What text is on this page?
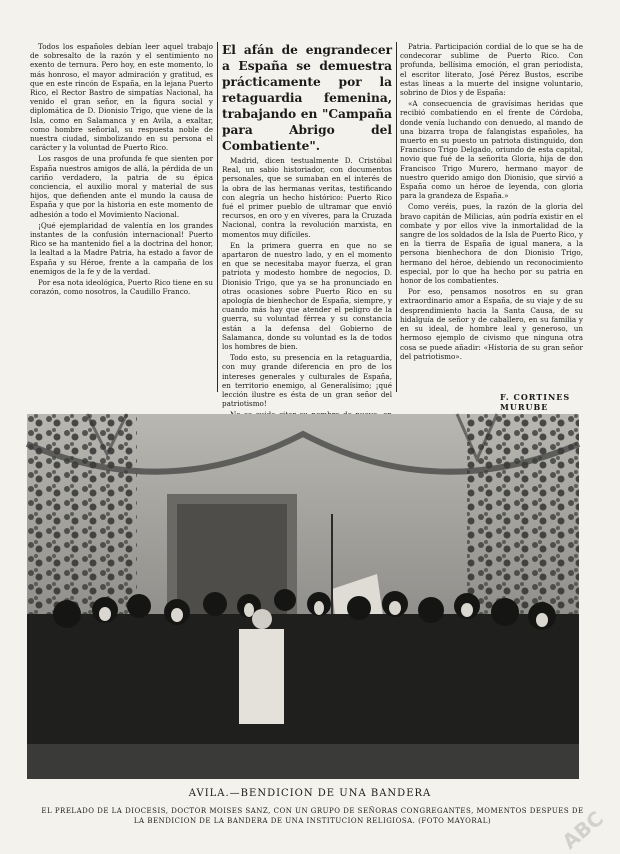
Todos los españoles debían leer aquel trabajo de sobresalto de la razón y el sentimiento no exento de ternura. Pero hoy, en este momento, lo más honroso, el mayor admiración y gratitud, es que en este rincón de España, en la lejana Puerto Rico, el Rector Bastro de simpatías Nacional, ha venido el gran señor, en la figura social y diplomática de D. Dionisio Trigo, que viene de la Isla, como en Salamanca y en Avila, a exaltar, como hombre señorial, su respuesta noble de nuestra ciudad, simbolizando en su persona el carácter y la voluntad de Puerto Rico.

Los rasgos de una profunda fe que sienten por España nuestros amigos de allá, la pérdida de un cariño verdadero, la patria de su épica conciencia, el auxilio moral y material de sus hijos, que defienden ante el mundo la causa de España y que por la historia en este momento de adhesión a todo el Movimiento Nacional.

¡Qué ejemplaridad de valentía en los grandes instantes de la confusión internacional! Puerto Rico se ha mantenido fiel a la doctrina del honor, la lealtad a la Madre Patria, ha estado a favor de España y su Héroe, frente a la campaña de los enemigos de la fe y de la verdad.

Por esa nota ideológica, Puerto Rico tiene en su corazón, como nosotros, la Caudillo Franco.

El afán de engrandecer a España se demuestra prácticamente por la retaguardia femenina, trabajando en "Campaña para Abrigo del Combatiente".

Madrid, dicen testualmente D. Cristóbal Real, un sabio historiador, con documentos personales, que se sumaban en el interés de la obra de las hermanas veritas, testificando con alegría un hecho histórico: Puerto Rico fué el primer pueblo de ultramar que envió recursos, en oro y en víveres, para la Cruzada Nacional, contra la revolución marxista, en momentos muy difíciles.

En la primera guerra en que no se apartaron de nuestro lado, y en el momento en que se necesitaba mayor fuerza, el gran patriota y modesto hombre de negocios, D. Dionisio Trigo, que ya se ha pronunciado en otras ocasiones sobre Puerto Rico en su apología de bienhechor de España, siempre, y cuando más hay que atender el peligro de la guerra, su voluntad férrea y su constancia están a la defensa del Gobierno de Salamanca, donde su voluntad es la de todos los hombres de bien.

Todo esto, su presencia en la retaguardia, con muy grande diferencia en pro de los intereses generales y culturales de España, en territorio enemigo, al Generalísimo; ¡qué lección ilustre es ésta de un gran señor del patriotismo!

Patria. Participación cordial de lo que se ha de condecorar sublime de Puerto Rico. Con profunda, bellísima emoción, el gran periodista, el escritor literato, José Pérez Bustos, escribe estas líneas a la muerte del insigne voluntario, sobrino de Dios y de España:

«A consecuencia de gravísimas heridas que recibió combatiendo en el frente de Córdoba, donde venía luchando con denuedo, al mando de una bizarra tropa de falangistas españoles, ha muerto en su puesto un patriota distinguido, don Francisco Trigo Delgado, oriundo de esta capital, novio que fué de la señorita Gloria, hija de don Francisco Trigo Murero, hermano mayor de nuestro querido amigo don Dionisio, que sirvió a España como un héroe de leyenda, con gloria para la grandeza de España.»

Como veréis, pues, la razón de la gloria del bravo capitán de Milicias, aún podría existir en el combate y por ellos vive la inmortalidad de la sangre de los soldados de la Isla de Puerto Rico, y en la tierra de España de igual manera, a la persona bienhechora de don Dionisio Trigo, hermano del héroe, debiendo un reconocimiento especial, por lo que ha hecho por su patria en honor de los combatientes.

Por eso, pensamos nosotros en su gran extraordinario amor a España, de su viaje y de su desprendimiento hacia la Santa Causa, de su hidalguía de señor y de caballero, en su familia y en su ideal, de hombre leal y generoso, un hermoso ejemplo de civismo que ninguna otra cosa se puede añadir: «Historia de su gran señor del patriotismo».

F. CORTINES MURUBE
AVILA.—BENDICION DE UNA BANDERA
EL PRELADO DE LA DIOCESIS, DOCTOR MOISES SANZ, CON UN GRUPO DE SEÑORAS CONGREGANTES, MOMENTOS DESPUES DE LA BENDICION DE LA BANDERA DE UNA INSTITUCION RELIGIOSA. (FOTO MAYORAL)	ABC
